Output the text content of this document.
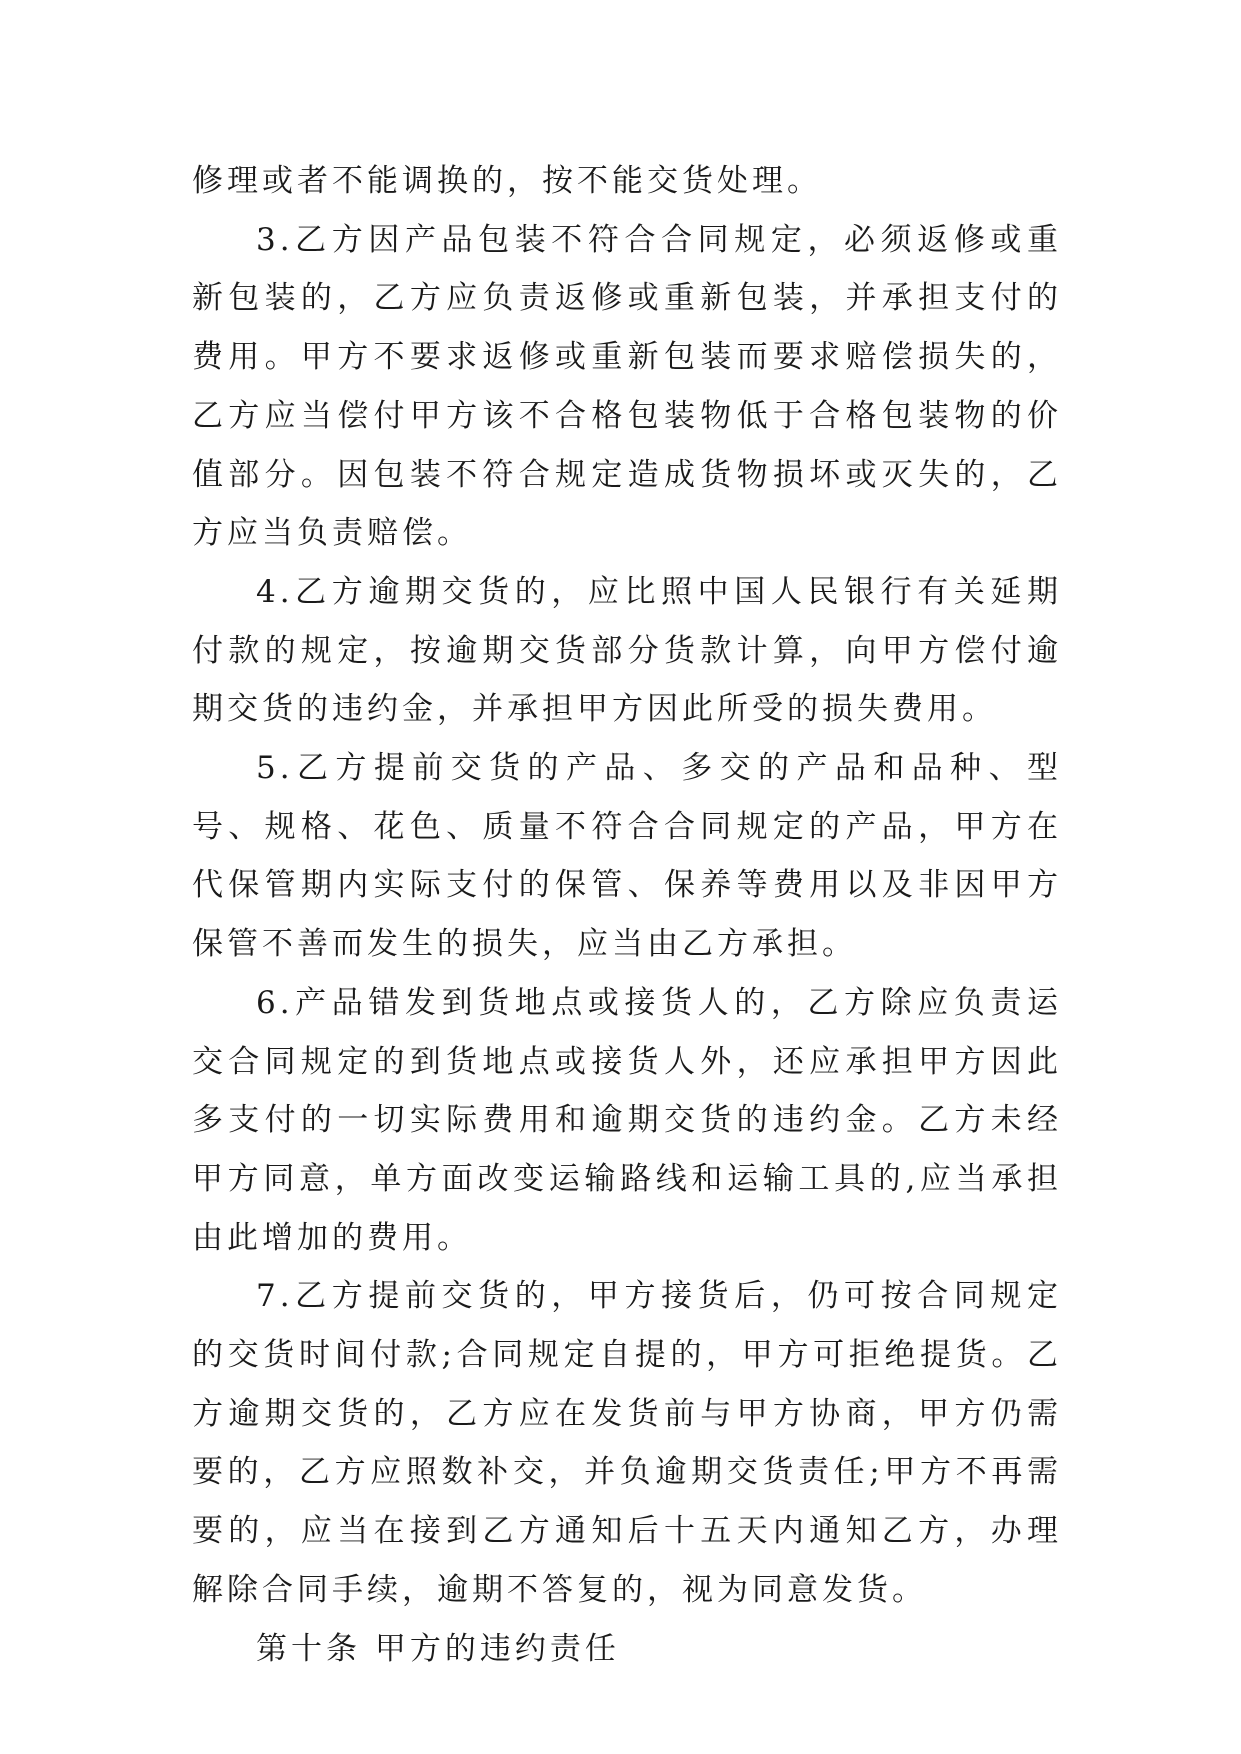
修理或者不能调换的，按不能交货处理。

3.乙方因产品包装不符合合同规定，必须返修或重新包装的，乙方应负责返修或重新包装，并承担支付的费用。甲方不要求返修或重新包装而要求赔偿损失的，乙方应当偿付甲方该不合格包装物低于合格包装物的价值部分。因包装不符合规定造成货物损坏或灭失的，乙方应当负责赔偿。

4.乙方逾期交货的，应比照中国人民银行有关延期付款的规定，按逾期交货部分货款计算，向甲方偿付逾期交货的违约金，并承担甲方因此所受的损失费用。

5.乙方提前交货的产品、多交的产品和品种、型号、规格、花色、质量不符合合同规定的产品，甲方在代保管期内实际支付的保管、保养等费用以及非因甲方保管不善而发生的损失，应当由乙方承担。

6.产品错发到货地点或接货人的，乙方除应负责运交合同规定的到货地点或接货人外，还应承担甲方因此多支付的一切实际费用和逾期交货的违约金。乙方未经甲方同意，单方面改变运输路线和运输工具的,应当承担由此增加的费用。

7.乙方提前交货的，甲方接货后，仍可按合同规定的交货时间付款;合同规定自提的，甲方可拒绝提货。乙方逾期交货的，乙方应在发货前与甲方协商，甲方仍需要的，乙方应照数补交，并负逾期交货责任;甲方不再需要的，应当在接到乙方通知后十五天内通知乙方，办理解除合同手续，逾期不答复的，视为同意发货。

第十条 甲方的违约责任
